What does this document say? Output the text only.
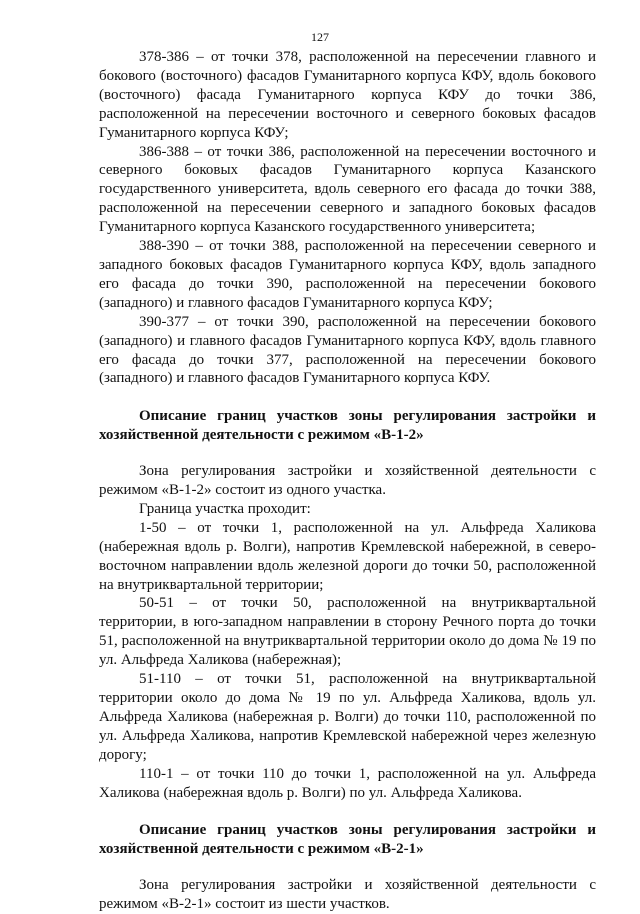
127

378-386 – от точки 378, расположенной на пересечении главного и бокового (восточного) фасадов Гуманитарного корпуса КФУ, вдоль бокового (восточного) фасада Гуманитарного корпуса КФУ до точки 386, расположенной на пересечении восточного и северного боковых фасадов Гуманитарного корпуса КФУ;

386-388 – от точки 386, расположенной на пересечении восточного и северного боковых фасадов Гуманитарного корпуса Казанского государственного университета, вдоль северного его фасада до точки 388, расположенной на пересечении северного и западного боковых фасадов Гуманитарного корпуса Казанского государственного университета;

388-390 – от точки 388, расположенной на пересечении северного и западного боковых фасадов Гуманитарного корпуса КФУ, вдоль западного его фасада до точки 390, расположенной на пересечении бокового (западного) и главного фасадов Гуманитарного корпуса КФУ;

390-377 – от точки 390, расположенной на пересечении бокового (западного) и главного фасадов Гуманитарного корпуса КФУ, вдоль главного его фасада до точки 377, расположенной на пересечении бокового (западного) и главного фасадов Гуманитарного корпуса КФУ.

Описание границ участков зоны регулирования застройки и хозяйственной деятельности с режимом «В-1-2»

Зона регулирования застройки и хозяйственной деятельности с режимом «В-1-2» состоит из одного участка.

Граница участка проходит:

1-50 – от точки 1, расположенной на ул. Альфреда Халикова (набережная вдоль р. Волги), напротив Кремлевской набережной, в северо-восточном направлении вдоль железной дороги до точки 50, расположенной на внутриквартальной территории;

50-51 – от точки 50, расположенной на внутриквартальной территории, в юго-западном направлении в сторону Речного порта до точки 51, расположенной на внутриквартальной территории около до дома № 19 по ул. Альфреда Халикова (набережная);

51-110 – от точки 51, расположенной на внутриквартальной территории около до дома № 19 по ул. Альфреда Халикова, вдоль ул. Альфреда Халикова (набережная р. Волги) до точки 110, расположенной по ул. Альфреда Халикова, напротив Кремлевской набережной через железную дорогу;

110-1 – от точки 110 до точки 1, расположенной на ул. Альфреда Халикова (набережная вдоль р. Волги) по ул. Альфреда Халикова.

Описание границ участков зоны регулирования застройки и хозяйственной деятельности с режимом «В-2-1»

Зона регулирования застройки и хозяйственной деятельности с режимом «В-2-1» состоит из шести участков.
